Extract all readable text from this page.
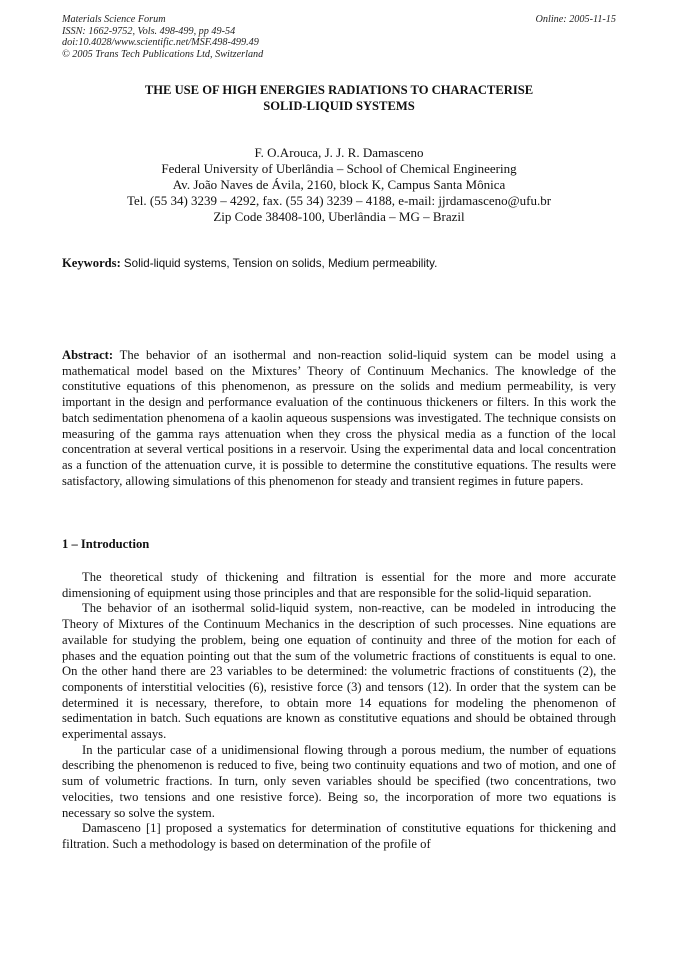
Materials Science Forum
ISSN: 1662-9752, Vols. 498-499, pp 49-54
doi:10.4028/www.scientific.net/MSF.498-499.49
© 2005 Trans Tech Publications Ltd, Switzerland
Online: 2005-11-15
THE USE OF HIGH ENERGIES RADIATIONS TO CHARACTERISE
SOLID-LIQUID SYSTEMS
F. O.Arouca, J. J. R. Damasceno
Federal University of Uberlândia – School of Chemical Engineering
Av. João Naves de Ávila, 2160, block K, Campus Santa Mônica
Tel. (55 34) 3239 – 4292, fax. (55 34) 3239 – 4188, e-mail: jjrdamasceno@ufu.br
Zip Code 38408-100, Uberlândia – MG – Brazil
Keywords: Solid-liquid systems, Tension on solids, Medium permeability.

Abstract: The behavior of an isothermal and non-reaction solid-liquid system can be model using a mathematical model based on the Mixtures’ Theory of Continuum Mechanics. The knowledge of the constitutive equations of this phenomenon, as pressure on the solids and medium permeability, is very important in the design and performance evaluation of the continuous thickeners or filters. In this work the batch sedimentation phenomena of a kaolin aqueous suspensions was investigated. The technique consists on measuring of the gamma rays attenuation when they cross the physical media as a function of the local concentration at several vertical positions in a reservoir. Using the experimental data and local concentration as a function of the attenuation curve, it is possible to determine the constitutive equations. The results were satisfactory, allowing simulations of this phenomenon for steady and transient regimes in future papers.

1 – Introduction

The theoretical study of thickening and filtration is essential for the more and more accurate dimensioning of equipment using those principles and that are responsible for the solid-liquid separation.

The behavior of an isothermal solid-liquid system, non-reactive, can be modeled in introducing the Theory of Mixtures of the Continuum Mechanics in the description of such processes. Nine equations are available for studying the problem, being one equation of continuity and three of the motion for each of phases and the equation pointing out that the sum of the volumetric fractions of constituents is equal to one. On the other hand there are 23 variables to be determined: the volumetric fractions of constituents (2), the components of interstitial velocities (6), resistive force (3) and tensors (12). In order that the system can be determined it is necessary, therefore, to obtain more 14 equations for modeling the phenomenon of sedimentation in batch. Such equations are known as constitutive equations and should be obtained through experimental assays.

In the particular case of a unidimensional flowing through a porous medium, the number of equations describing the phenomenon is reduced to five, being two continuity equations and two of motion, and one of sum of volumetric fractions. In turn, only seven variables should be specified (two concentrations, two velocities, two tensions and one resistive force). Being so, the incorporation of more two equations is necessary so solve the system.

Damasceno [1] proposed a systematics for determination of constitutive equations for thickening and filtration. Such a methodology is based on determination of the profile of
